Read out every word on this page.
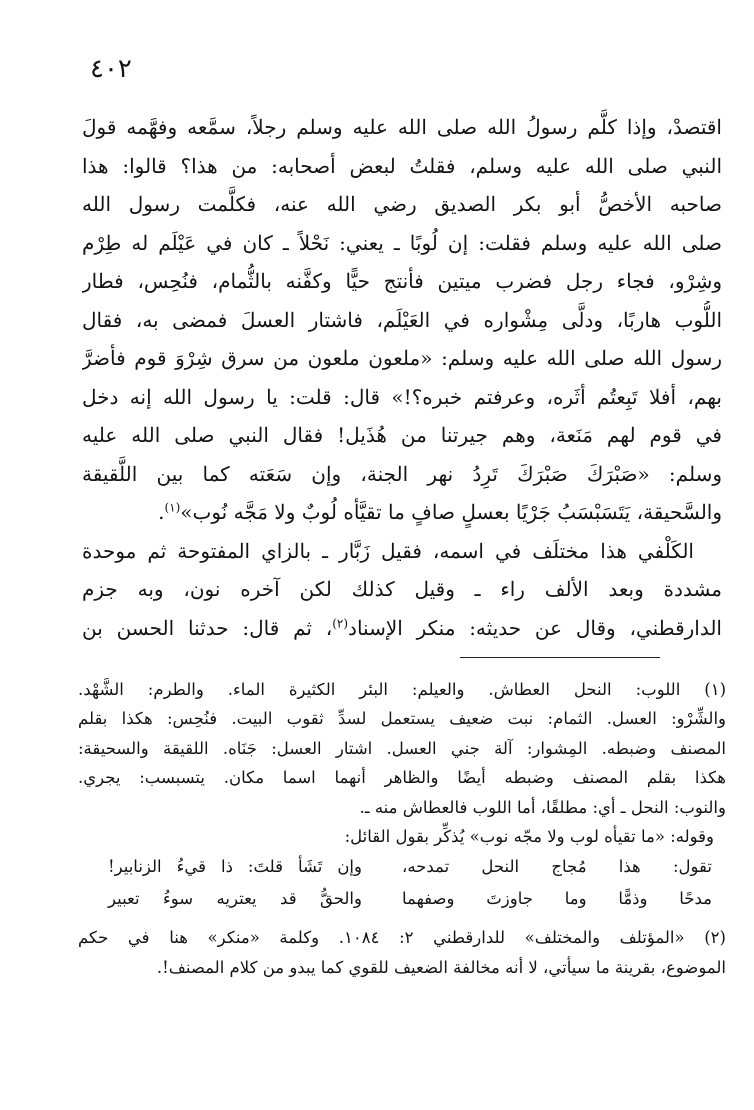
٤٠٢
اقتصدْ، وإذا كلَّم رسولُ الله صلى الله عليه وسلم رجلاً، سمَّعه وفهَّمه قولَ
النبي صلى الله عليه وسلم، فقلتُ لبعض أصحابه: من هذا؟ قالوا: هذا
صاحبه الأخصُّ أبو بكر الصديق رضي الله عنه، فكلَّمت رسول الله
صلى الله عليه وسلم فقلت: إن لُوبًا ـ يعني: نَحْلاً ـ كان في عَيْلَم له طِرْم
وشِرْو، فجاء رجل فضرب ميتين فأنتج حيًّا وكفَّنه بالثُّمام، فنُحِس، فطار
اللُّوب هاربًا، ودلَّى مِشْواره في العَيْلَم، فاشتار العسلَ فمضى به، فقال
رسول الله صلى الله عليه وسلم: «ملعون ملعون من سرق شِرْوَ قوم فأضرَّ
بهم، أفلا تَبِعتُم أثَره، وعرفتم خبره؟!» قال: قلت: يا رسول الله إنه دخل
في قوم لهم مَنَعة، وهم جيرتنا من هُذَيل! فقال النبي صلى الله عليه
وسلم: «صَبْرَكَ صَبْرَكَ تَرِدُ نهر الجنة، وإن سَعَته كما بين اللَّقيقة
والسَّحيقة، يَتَسَبْسَبُ جَرْيًا بعسلٍ صافٍ ما تقيَّأه لُوبٌ ولا مَجَّه نُوب»$^{(١)}$.
الكَلْفي هذا مختلَف في اسمه، فقيل زَبَّار ـ بالزاي المفتوحة ثم موحدة
مشددة وبعد الألف راء ـ وقيل كذلك لكن آخره نون، وبه جزم
الدارقطني، وقال عن حديثه: منكر الإسناد$^{(٢)}$، ثم قال: حدثنا الحسن بن
(١) اللوب: النحل العطاش. والعيلم: البئر الكثيرة الماء. والطرم: الشَّهْد.
والشِّرْو: العسل. الثمام: نبت ضعيف يستعمل لسدِّ ثقوب البيت. فنُحِس: هكذا بقلم
المصنف وضبطه. المِشوار: آلة جني العسل. اشتار العسل: جَنَاه. اللقيقة والسحيقة:
هكذا بقلم المصنف وضبطه أيضًا والظاهر أنهما اسما مكان. يتسبسب: يجري.
والنوب: النحل ـ أي: مطلقًا، أما اللوب فالعطاش منه ـ.
وقوله: «ما تقيأه لوب ولا مجّه نوب» يُذكِّر بقول القائل:
تقول: هذا مُجاج النحل تمدحه،
وإن تَشَأ قلتَ: ذا قيءُ الزنابير!
مدحًا وذمًّا وما جاوزتَ وصفهما
والحقُّ قد يعتريه سوءُ تعبير
(٢) «المؤتلف والمختلف» للدارقطني ٢: ١٠٨٤. وكلمة «منكر» هنا في حكم
الموضوع، بقرينة ما سيأتي، لا أنه مخالفة الضعيف للقوي كما يبدو من كلام المصنف!.
